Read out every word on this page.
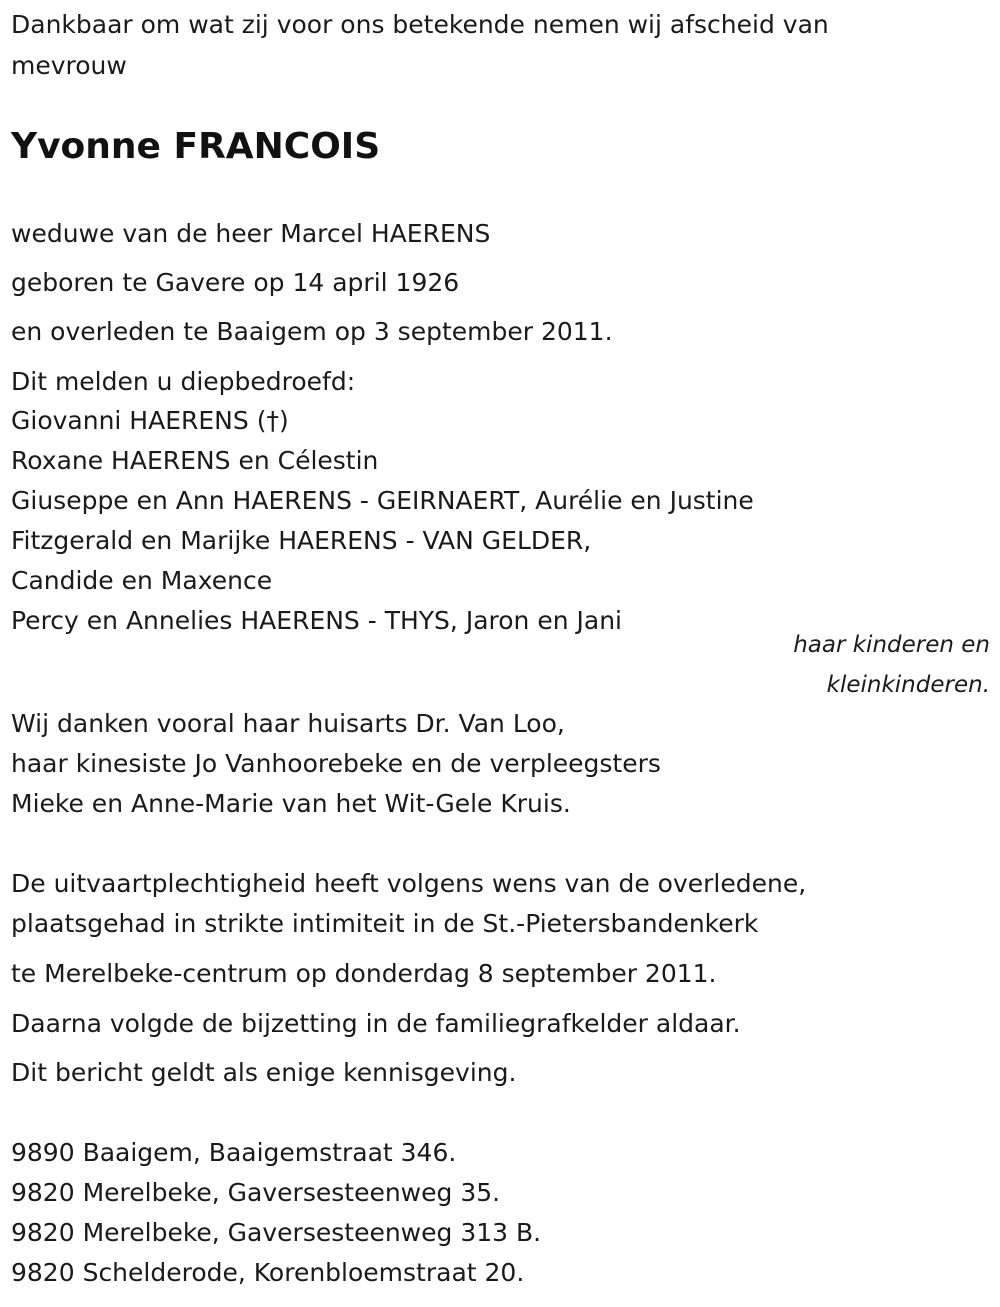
Dankbaar om wat zij voor ons betekende nemen wij afscheid van

mevrouw

Yvonne FRANCOIS

weduwe van de heer Marcel HAERENS

geboren te Gavere op 14 april 1926

en overleden te Baaigem op 3 september 2011.

Dit melden u diepbedroefd:

Giovanni HAERENS (†)

Roxane HAERENS en Célestin

Giuseppe en Ann HAERENS - GEIRNAERT, Aurélie en Justine

Fitzgerald en Marijke HAERENS - VAN GELDER,

Candide en Maxence

Percy en Annelies HAERENS - THYS, Jaron en Jani

haar kinderen en

kleinkinderen.

Wij danken vooral haar huisarts Dr. Van Loo,

haar kinesiste Jo Vanhoorebeke en de verpleegsters

Mieke en Anne-Marie van het Wit-Gele Kruis.

De uitvaartplechtigheid heeft volgens wens van de overledene,

plaatsgehad in strikte intimiteit in de St.-Pietersbandenkerk

te Merelbeke-centrum op donderdag 8 september 2011.

Daarna volgde de bijzetting in de familiegrafkelder aldaar.

Dit bericht geldt als enige kennisgeving.

9890 Baaigem, Baaigemstraat 346.

9820 Merelbeke, Gaversesteenweg 35.

9820 Merelbeke, Gaversesteenweg 313 B.

9820 Schelderode, Korenbloemstraat 20.
